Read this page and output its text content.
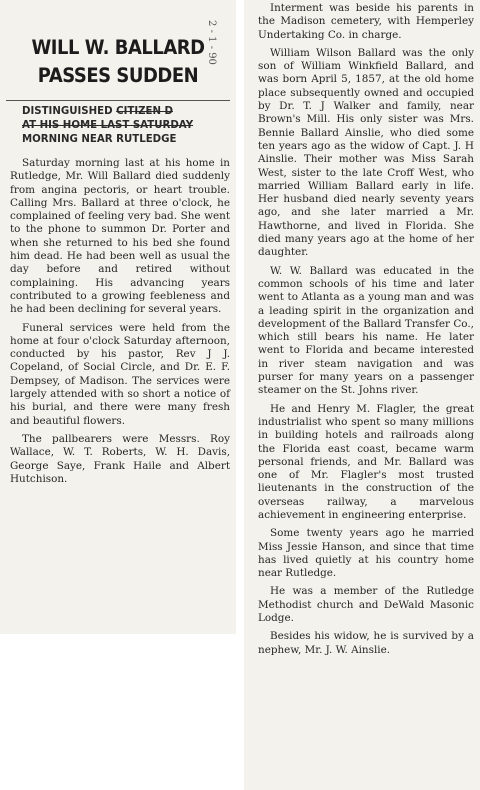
WILL W. BALLARD
PASSES SUDDEN
2 - 1 - 90
DISTINGUISHED CITIZEN D
AT HIS HOME LAST SATURDAY
MORNING NEAR RUTLEDGE

Saturday morning last at his home in Rutledge, Mr. Will Ballard died suddenly from angina pectoris, or heart trouble. Calling Mrs. Ballard at three o'clock, he complained of feeling very bad. She went to the phone to summon Dr. Porter and when she returned to his bed she found him dead. He had been well as usual the day before and retired without complaining. His advancing years contributed to a growing feebleness and he had been declining for several years.

Funeral services were held from the home at four o'clock Saturday afternoon, conducted by his pastor, Rev J J. Copeland, of Social Circle, and Dr. E. F. Dempsey, of Madison. The services were largely attended with so short a notice of his burial, and there were many fresh and beautiful flowers.

The pallbearers were Messrs. Roy Wallace, W. T. Roberts, W. H. Davis, George Saye, Frank Haile and Albert Hutchison.

Interment was beside his parents in the Madison cemetery, with Hemperley Undertaking Co. in charge.

William Wilson Ballard was the only son of William Winkfield Ballard, and was born April 5, 1857, at the old home place subsequently owned and occupied by Dr. T. J Walker and family, near Brown's Mill. His only sister was Mrs. Bennie Ballard Ainslie, who died some ten years ago as the widow of Capt. J. H Ainslie. Their mother was Miss Sarah West, sister to the late Croff West, who married William Ballard early in life. Her husband died nearly seventy years ago, and she later married a Mr. Hawthorne, and lived in Florida. She died many years ago at the home of her daughter.

W. W. Ballard was educated in the common schools of his time and later went to Atlanta as a young man and was a leading spirit in the organization and development of the Ballard Transfer Co., which still bears his name. He later went to Florida and became interested in river steam navigation and was purser for many years on a passenger steamer on the St. Johns river.

He and Henry M. Flagler, the great industrialist who spent so many millions in building hotels and railroads along the Florida east coast, became warm personal friends, and Mr. Ballard was one of Mr. Flagler's most trusted lieutenants in the construction of the overseas railway, a marvelous achievement in engineering enterprise.

Some twenty years ago he married Miss Jessie Hanson, and since that time has lived quietly at his country home near Rutledge.

He was a member of the Rutledge Methodist church and DeWald Masonic Lodge.

Besides his widow, he is survived by a nephew, Mr. J. W. Ainslie.
